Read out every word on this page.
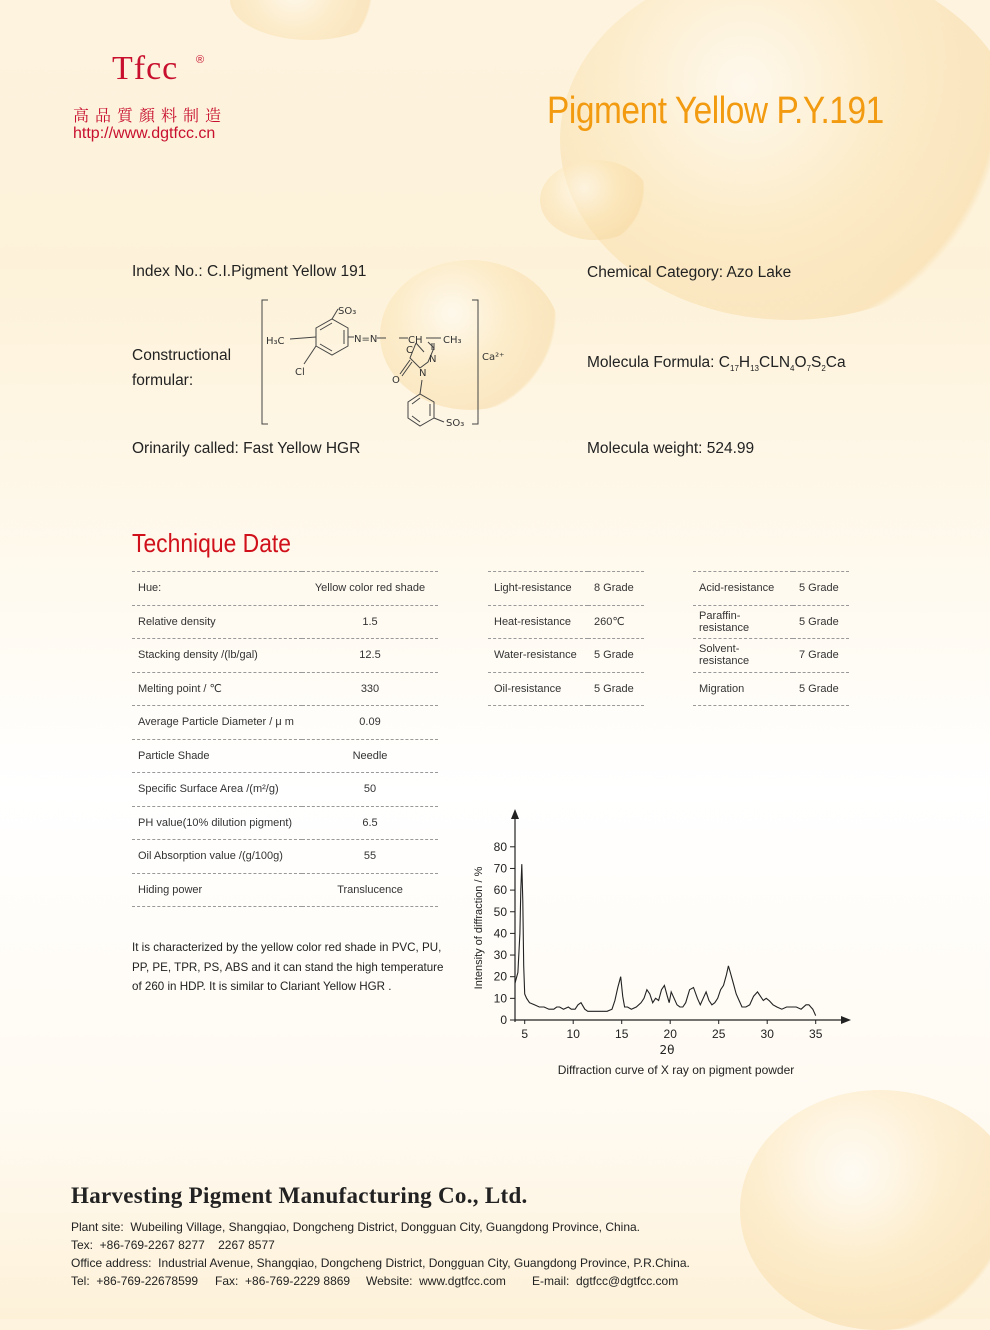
Tfcc ®
高品質顏料制造
http://www.dgtfcc.cn
Pigment Yellow P.Y.191
Index No.: C.I.Pigment Yellow 191	Chemical Category: Azo Lake
Constructional
formular:
Molecula Formula: $C_{17}H_{13}CLN_4O_7S_2Ca$
Orinarily called: Fast Yellow HGR	Molecula weight: 524.99
SO₃
H₃C	N=N	CH CH₃
Cl
C
N
N
O
Ca²⁺
SO₃
Technique Date
Hue:	Yellow color red shade
Relative density	1.5
Stacking density /(lb/gal)	12.5
Melting point / ℃	330
Average Particle Diameter / μ m	0.09
Particle Shade	Needle
Specific Surface Area /(m²/g)	50
PH value(10% dilution pigment)	6.5
Oil Absorption value /(g/100g)	55
Hiding power	Translucence
Light-resistance	8 Grade
Heat-resistance	260℃
Water-resistance	5 Grade
Oil-resistance	5 Grade
Acid-resistance	5 Grade
Paraffin-resistance	5 Grade
Solvent-resistance	7 Grade
Migration	5 Grade
It is characterized by the yellow color red shade in PVC, PU, PP, PE, TPR, PS, ABS and it can stand the high temperature of 260 in HDP. It is similar to Clariant Yellow HGR .
0
10
20
30
40
50
60
70
80
5	10	15	20	25	30	35
2θ
Intensity of diffraction / %
Diffraction curve of X ray on pigment powder
Harvesting Pigment Manufacturing Co., Ltd.
Plant site:  Wubeiling Village, Shangqiao, Dongcheng District, Dongguan City, Guangdong Province, China.
Tex:  +86-769-2267 8277    2267 8577
Office address:  Industrial Avenue, Shangqiao, Dongcheng District, Dongguan City, Guangdong Province, P.R.China.
Tel:  +86-769-22678599 Fax:  +86-769-2229 8869 Website:  www.dgtfcc.com E-mail:  dgtfcc@dgtfcc.com
